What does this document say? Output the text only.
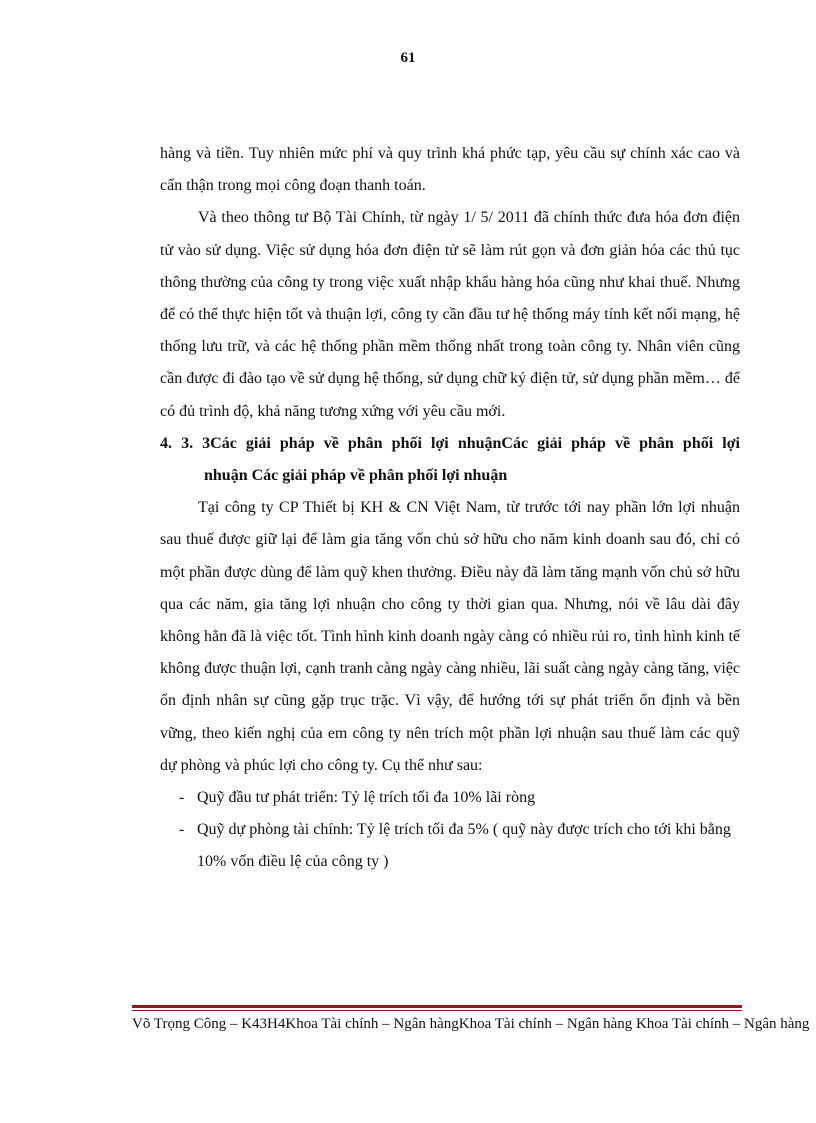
61

hàng và tiền. Tuy nhiên mức phí và quy trình khá phức tạp, yêu cầu sự chính xác cao và cẩn thận trong mọi công đoạn thanh toán.

Và theo thông tư Bộ Tài Chính, từ ngày 1/ 5/ 2011 đã chính thức đưa hóa đơn điện tử vào sử dụng. Việc sử dụng hóa đơn điện tử sẽ làm rút gọn và đơn giản hóa các thủ tục thông thường của công ty trong việc xuất nhập khẩu hàng hóa cũng như khai thuế. Nhưng để có thể thực hiện tốt và thuận lợi, công ty cần đầu tư hệ thống máy tính kết nối mạng, hệ thống lưu trữ, và các hệ thống phần mềm thống nhất trong toàn công ty. Nhân viên cũng cần được đi đào tạo về sử dụng hệ thống, sử dụng chữ ký điện tử, sử dụng phần mềm… để có đủ trình độ, khả năng tương xứng với yêu cầu mới.

4. 3. 3Các giải pháp về phân phối lợi nhuậnCác giải pháp về phân phối lợi
nhuận Các giải pháp về phân phối lợi nhuận

Tại công ty CP Thiết bị KH & CN Việt Nam, từ trước tới nay phần lớn lợi nhuận sau thuế được giữ lại để làm gia tăng vốn chủ sở hữu cho năm kinh doanh sau đó, chỉ có một phần được dùng để làm quỹ khen thưởng. Điều này đã làm tăng mạnh vốn chủ sở hữu qua các năm, gia tăng lợi nhuận cho công ty thời gian qua. Nhưng, nói về lâu dài đây không hẳn đã là việc tốt. Tình hình kinh doanh ngày càng có nhiều rủi ro, tình hình kinh tế không được thuận lợi, cạnh tranh càng ngày càng nhiều, lãi suất càng ngày càng tăng, việc ổn định nhân sự cũng gặp trục trặc. Vì vậy, để hướng tới sự phát triển ổn định và bền vững, theo kiến nghị của em công ty nên trích một phần lợi nhuận sau thuế làm các quỹ dự phòng và phúc lợi cho công ty. Cụ thể như sau:

- Quỹ đầu tư phát triển: Tỷ lệ trích tối đa 10% lãi ròng
- Quỹ dự phòng tài chính: Tỷ lệ trích tối đa 5% ( quỹ này được trích cho tới khi bằng 10% vốn điều lệ của công ty )
Võ Trọng Công – K43H4Khoa Tài chính – Ngân hàngKhoa Tài chính – Ngân hàng Khoa Tài chính – Ngân hàng
